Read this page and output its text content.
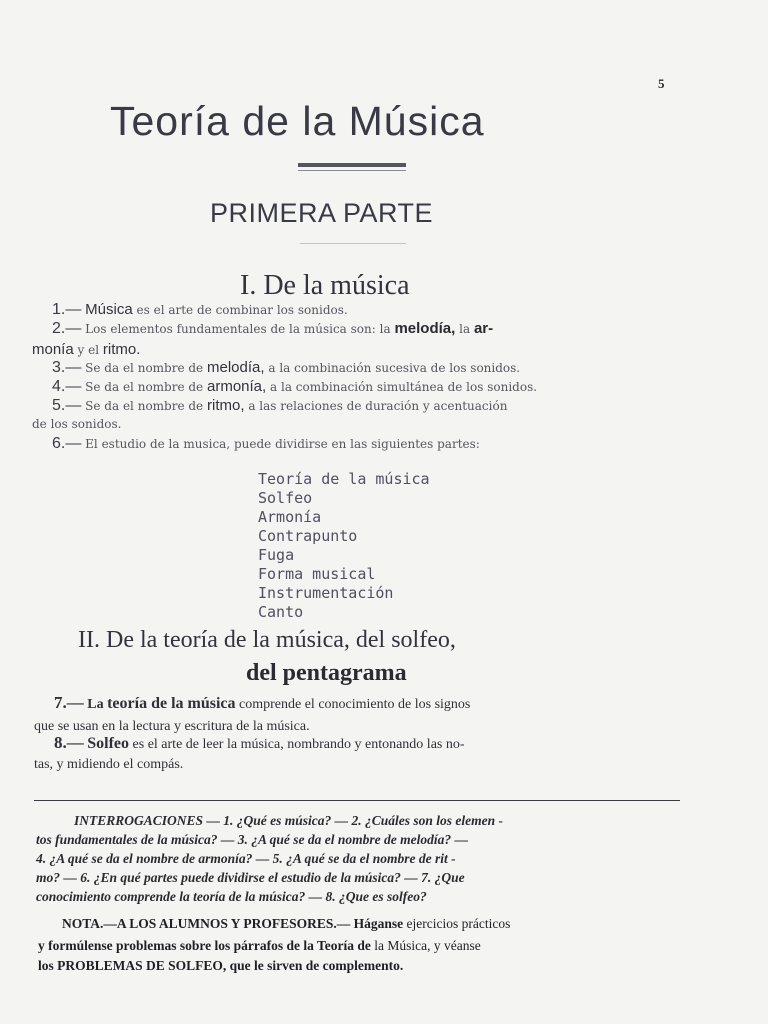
5
Teoría de la Música
PRIMERA PARTE
I. De la música
1.— Música es el arte de combinar los sonidos.
2.— Los elementos fundamentales de la música son: la melodía, la ar-
monía y el ritmo.
3.— Se da el nombre de melodía, a la combinación sucesiva de los sonidos.
4.— Se da el nombre de armonía, a la combinación simultánea de los sonidos.
5.— Se da el nombre de ritmo, a las relaciones de duración y acentuación
de los sonidos.
6.— El estudio de la musica, puede dividirse en las siguientes partes:
Teoría de la música
Solfeo
Armonía
Contrapunto
Fuga
Forma musical
Instrumentación
Canto
II. De la teoría de la música, del solfeo,
del pentagrama
7.— La teoría de la música comprende el conocimiento de los signos
que se usan en la lectura y escritura de la música.
8.— Solfeo es el arte de leer la música, nombrando y entonando las no-
tas, y midiendo el compás.
INTERROGACIONES — 1. ¿Qué es música? — 2. ¿Cuáles son los elemen -
tos fundamentales de la música? — 3. ¿A qué se da el nombre de melodía? —
4. ¿A qué se da el nombre de armonía? — 5. ¿A qué se da el nombre de rit -
mo? — 6. ¿En qué partes puede dividirse el estudio de la música? — 7. ¿Que
conocimiento comprende la teoría de la música? — 8. ¿Que es solfeo?
NOTA.—A LOS ALUMNOS Y PROFESORES.— Háganse ejercicios prácticos
y formúlense problemas sobre los párrafos de la Teoría de la Música, y véanse
los PROBLEMAS DE SOLFEO, que le sirven de complemento.
